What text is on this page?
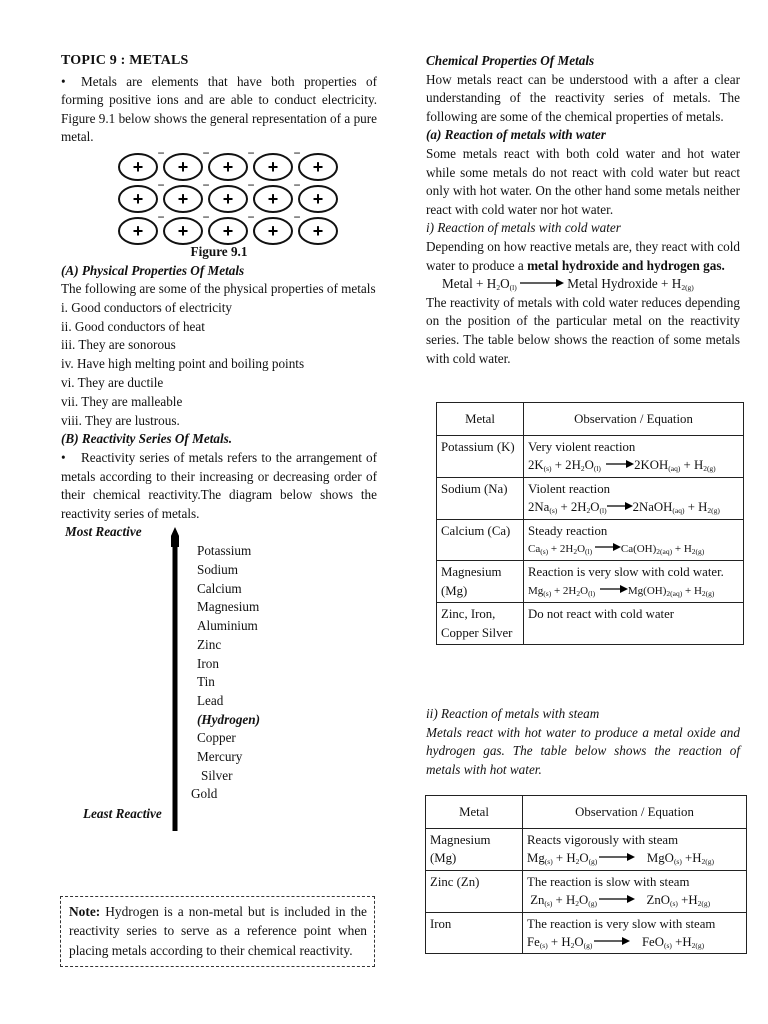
TOPIC 9 : METALS

• Metals are elements that have both properties of forming positive ions and are able to conduct electricity. Figure 9.1 below shows the general representation of a pure metal.

+ + + + +
+ + + + +
+ + + + +
−	−	−	−
−	−	−	−
−	−	−	−
Figure 9.1
(A) Physical Properties Of Metals

The following are some of the physical properties of metals

i. Good conductors of electricity
ii. Good conductors of heat
iii. They are sonorous
iv. Have high melting point and boiling points
vi. They are ductile
vii. They are malleable
viii. They are lustrous.
(B) Reactivity Series Of Metals.

• Reactivity series of metals refers to the arrangement of metals according to their increasing or decreasing order of their chemical reactivity.The diagram below shows the reactivity series of metals.

Most Reactive
Potassium
Sodium
Calcium
Magnesium
Aluminium
Zinc
Iron
Tin
Lead
(Hydrogen)
Copper
Mercury
Silver
Gold
Least Reactive
Note: Hydrogen is a non-metal but is included in the reactivity series to serve as a reference point when placing metals according to their chemical reactivity.
Chemical Properties Of Metals

How metals react can be understood with a after a clear understanding of the reactivity series of metals. The following are some of the chemical properties of metals.

(a) Reaction of metals with water

Some metals react with both cold water and hot water while some metals do not react with cold water but react only with hot water. On the other hand some metals neither react with cold water nor hot water.

i) Reaction of metals with cold water

Depending on how reactive metals are, they react with cold water to produce a metal hydroxide and hydrogen gas.

Metal + $H_2O_{(l)}$	Metal Hydroxide + $H_{2(g)}$

The reactivity of metals with cold water reduces depending on the position of the particular metal on the reactivity series. The table below shows the reaction of some metals with cold water.

Metal	Observation / Equation
Potassium (K)	Very violent reaction
$2K_{(s)} + 2H_2O_{(l)}$ $2KOH_{(aq)} + H_{2(g)}$

Sodium (Na)	Violent reaction
$2Na_{(s)} + 2H_2O_{(l)}$ 2NaOH$_{(aq)}$ + $H_{2(g)}$

Calcium (Ca)	Steady reaction
$Ca_{(s)} + 2H_2O_{(l)}$ $Ca(OH)_{2(aq)} + H_{2(g)}$

Magnesium (Mg)	Reaction is very slow with cold water.
$Mg_{(s)} + 2H_2O_{(l)}$ $Mg(OH)_{2(aq)} + H_{2(g)}$

Zinc, Iron, Copper Silver	Do not react with cold water
ii) Reaction of metals with steam

Metals react with hot water to produce a metal oxide and hydrogen gas. The table below shows the reaction of metals with hot water.

Metal	Observation / Equation
Magnesium (Mg)	Reacts vigorously with steam
$Mg_{(s)} + H_2O_{(g)}$ $MgO_{(s)} +H_{2(g)}$

Zinc (Zn)	The reaction is slow with steam
$Zn_{(s)} + H_2O_{(g)}$ $ZnO_{(s)} +H_{2(g)}$

Iron	The reaction is very slow with steam
$Fe_{(s)} + H_2O_{(g)}$ $FeO_{(s)} +H_{2(g)}$
